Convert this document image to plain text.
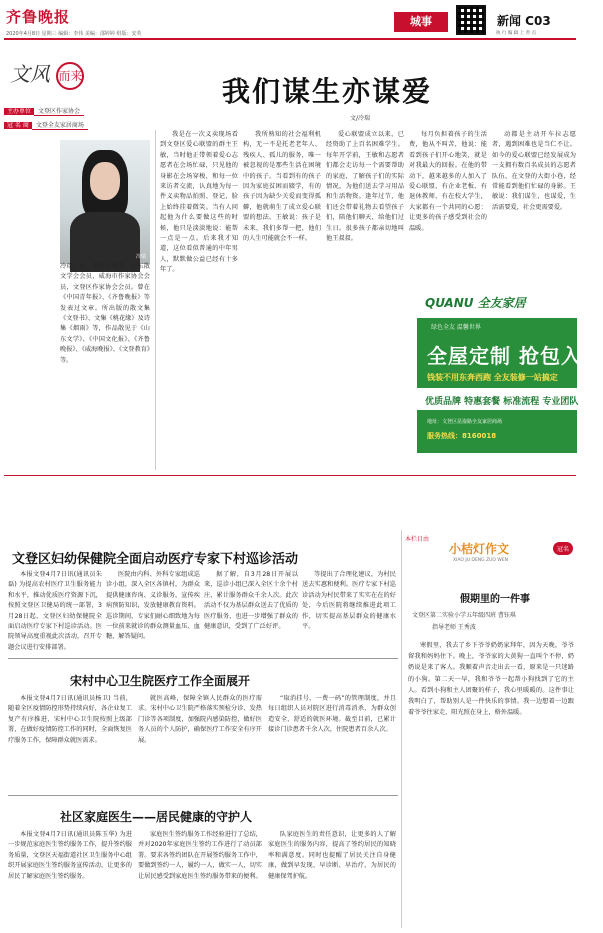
齐鲁晚报
2020年4月8日 星期三 编辑：李伟 美编：邵婷婷 组版：安英
城事	新闻 C03
执 行 编 辑 上 善 点
文风 而来
主办单位 文登区作家协会
冠 名 商 文登全友家居商场
我们谋生亦谋爱
文/冷瑞
冷瑞
冷瑞，女，原名纪秀美，山东散文学会会员，威海市作家协会会员，文登区作家协会会员。曾在《中国青年报》、《齐鲁晚报》等发表过文章。所出版的散文集《文登书》、文集《桃花缘》及诗集《烟雨》等，作品散见于《山东文学》、《中国文化报》、《齐鲁晚报》、《威海晚报》、《文登教育》等。
我是在一次义卖现场看到文登区爱心联盟的群主王敏，当时他正带领着爱心志愿者在会场忙碌，只见他的身影在会场穿梭，和每一位来访者交流，认真地为每一件义卖物品拍照、登记，脸上始终挂着微笑。当有人问起他为什么要做这些的时候，他只是淡淡地说：能帮一点是一点。后来我才知道，这位看似普通的中年男人，默默做公益已经有十多年了。
我所熟知的社会福利机构，无一不是托老老年人、残疾人、孤儿的服务，唯一被忽视的是那些生活在困境中的孩子。当看到有的孩子因为家庭贫困而辍学，有的孩子因为缺少关爱而变得孤僻，他就萌生了成立爱心联盟的想法。王敏说：孩子是未来，我们多帮一把，他们的人生可能就会不一样。
爱心联盟成立以来，已经资助了上百名困难学生。每年开学前，王敏和志愿者们都会走访每一个需要帮助的家庭，了解孩子们的实际情况，为他们送去学习用品和生活物资。逢年过节，他们还会带着礼物去看望孩子们，陪他们聊天，给他们过生日。很多孩子都亲切地叫他王叔叔。
每月负担着孩子的生活费，他从不叫苦，他说：能看到孩子们开心地笑，就是对我最大的回报。在他的带动下，越来越多的人加入了爱心联盟，有企业老板、有退休教师、有在校大学生，大家都有一个共同的心愿：让更多的孩子感受到社会的温暖。
动都是主动开车拉志愿者，遇到困难也是当仁不让。如今的爱心联盟已经发展成为一支拥有数百名成员的志愿者队伍，在文登的大街小巷，经常能看到他们忙碌的身影。王敏说：我们谋生，也谋爱，生活需要爱，社会更需要爱。
QUANU 全友家居
绿色全友 温馨世界
全屋定制 抢包入住
钱装不用东奔西跑 全友装修一站搞定
优质品牌 特惠套餐 标准流程 专业团队
地址：文登区昆嵛路全友家居商场
服务热线：8160018
文登区妇幼保健院全面启动医疗专家下村巡诊活动
本报文登4月7日讯(通讯员朱磊) 为提高农村医疗卫生服务能力和水平，推动优质医疗资源下沉，按照文登区卫健局的统一部署，3月28日起，文登区妇幼保健院全面启动医疗专家下村巡诊活动。医院领导高度重视此次活动，召开专题会议进行安排部署。
医院由内科、外科专家组成巡诊小组，深入全区各镇村，为群众提供健康咨询、义诊服务，宣传疾病预防知识，发放健康教育资料。巡诊期间，专家们耐心细致地为每一位前来就诊的群众测量血压、血糖，解答疑问。
据了解，自3月28日开展以来，巡诊小组已深入全区十余个村庄，累计服务群众千余人次。此次活动不仅为基层群众送去了优质的医疗服务，也进一步增强了群众的健康意识，受到了广泛好评。
等提出了合理化建议，为村民送去实惠和便利。医疗专家下村巡诊活动为村民带来了实实在在的好处，今后医院将继续推进此项工作，切实提高基层群众的健康水平。
宋村中心卫生院医疗工作全面展开
本报文登4月7日讯(通讯员杨卫) 当前，随着全区疫情防控形势持续向好，各企业复工复产有序推进，宋村中心卫生院按照上级部署，在做好疫情防控工作的同时，全面恢复医疗服务工作，保障群众就医需求。
就医高峰，保障全镇人民群众的医疗需求。宋村中心卫生院严格落实预检分诊、发热门诊等各项制度，加强院内感染防控，做好医务人员的个人防护，确保医疗工作安全有序开展。
“取消挂号，一费一码”的管理制度，并且每日组织人员对院区进行消毒消杀，为群众创造安全、舒适的就医环境。截至目前，已累计接诊门诊患者千余人次，住院患者百余人次。
社区家庭医生——居民健康的守护人
本报文登4月7日讯(通讯员陈玉华) 为进一步规范家庭医生签约服务工作，提升签约服务质量，文登区天福街道社区卫生服务中心组织开展家庭医生签约服务宣传活动，让更多的居民了解家庭医生签约服务。
家庭医生签约服务工作经验进行了总结，并对2020年家庭医生签约工作进行了动员部署。要求各签约团队在开展签约服务工作中，要做到签约一人，履约一人，做实一人，切实让居民感受到家庭医生签约服务带来的便利。
队家庭医生的责任意识，让更多的人了解家庭医生的服务内容，提高了签约居民的知晓率和满意度。同时也提醒了居民关注自身健康，做到早发现、早诊断、早治疗，为居民的健康保驾护航。
本栏目由
小桔灯作文
XIAO JU DENG ZUO WEN
冠名
假期里的一件事
文登区第二实验小学五年级四班 曹钰琪
指导老师 王秀波
寒假里，我去了乡下爷爷奶奶家拜年，因为天晚，爷爷留我和妈妈住下。晚上，爷爷家的大黄狗一直叫个不停，奶奶说是来了客人。我顺着声音走出去一看，原来是一只迷路的小狗。第二天一早，我和爷爷一起帮小狗找到了它的主人。看到小狗和主人团聚的样子，我心里暖暖的。这件事让我明白了，帮助别人是一件快乐的事情。我一边想着一边跟着爷爷往家走，阳光照在身上，格外温暖。
